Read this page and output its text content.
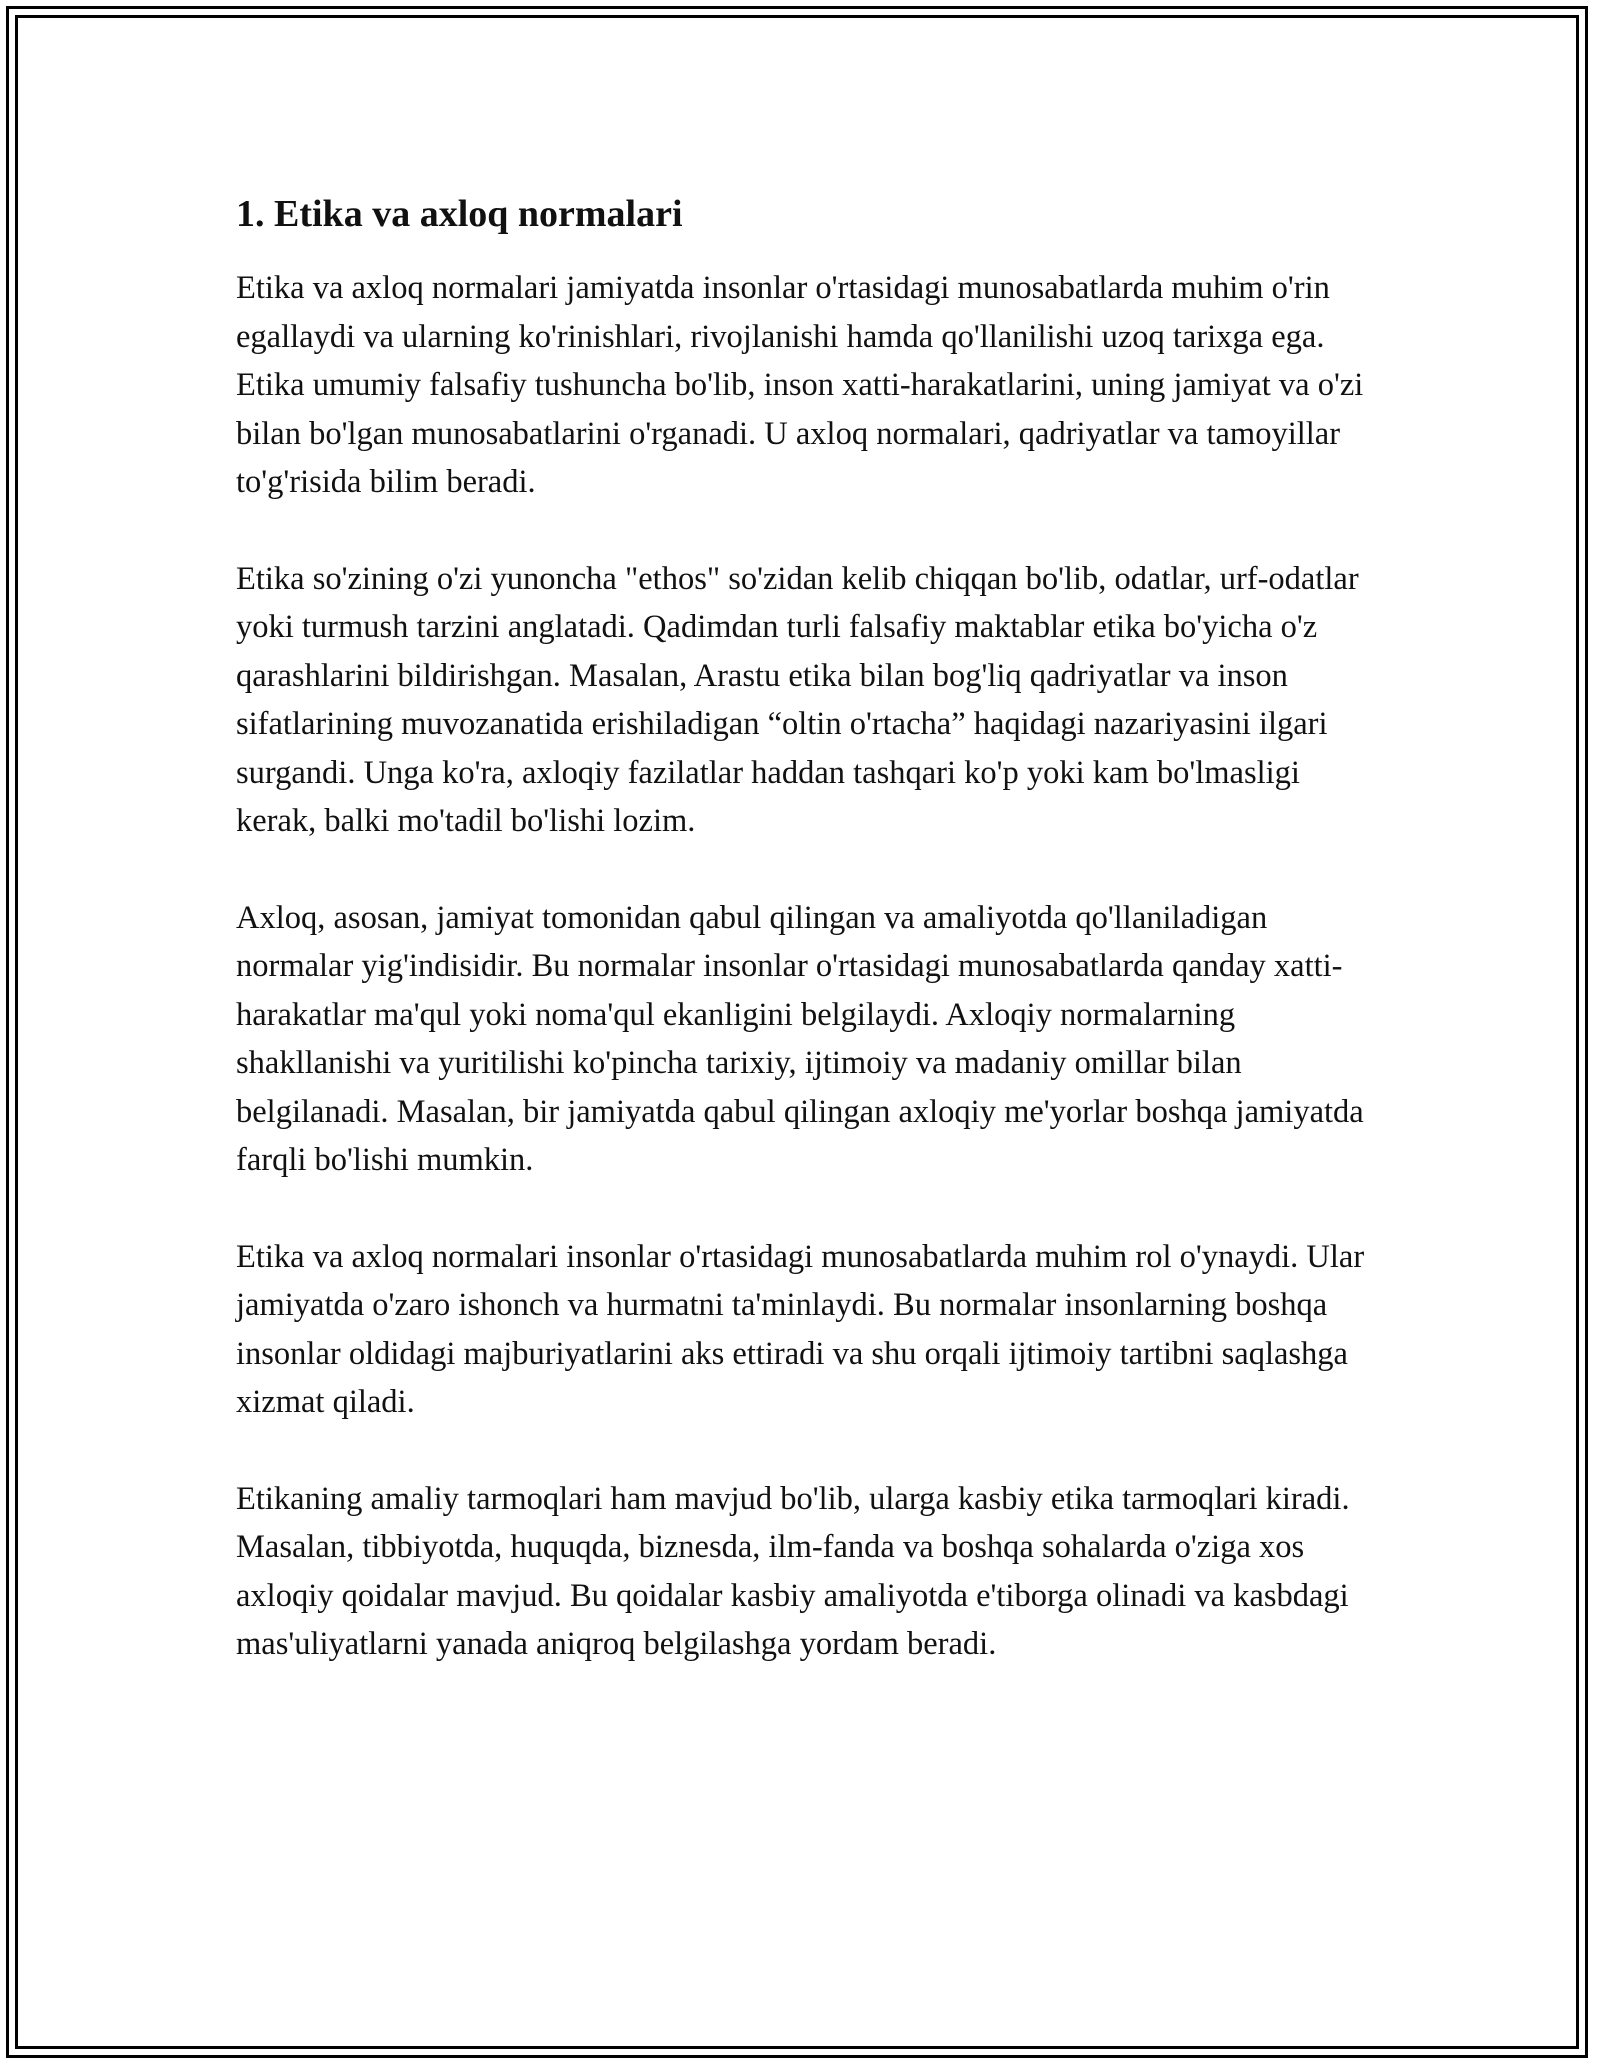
1. Etika va axloq normalari

Etika va axloq normalari jamiyatda insonlar o'rtasidagi munosabatlarda muhim o'rin egallaydi va ularning ko'rinishlari, rivojlanishi hamda qo'llanilishi uzoq tarixga ega. Etika umumiy falsafiy tushuncha bo'lib, inson xatti-harakatlarini, uning jamiyat va o'zi bilan bo'lgan munosabatlarini o'rganadi. U axloq normalari, qadriyatlar va tamoyillar to'g'risida bilim beradi.

Etika so'zining o'zi yunoncha "ethos" so'zidan kelib chiqqan bo'lib, odatlar, urf-odatlar yoki turmush tarzini anglatadi. Qadimdan turli falsafiy maktablar etika bo'yicha o'z qarashlarini bildirishgan. Masalan, Arastu etika bilan bog'liq qadriyatlar va inson sifatlarining muvozanatida erishiladigan “oltin o'rtacha” haqidagi nazariyasini ilgari surgandi. Unga ko'ra, axloqiy fazilatlar haddan tashqari ko'p yoki kam bo'lmasligi kerak, balki mo'tadil bo'lishi lozim.

Axloq, asosan, jamiyat tomonidan qabul qilingan va amaliyotda qo'llaniladigan normalar yig'indisidir. Bu normalar insonlar o'rtasidagi munosabatlarda qanday xatti-harakatlar ma'qul yoki noma'qul ekanligini belgilaydi. Axloqiy normalarning shakllanishi va yuritilishi ko'pincha tarixiy, ijtimoiy va madaniy omillar bilan belgilanadi. Masalan, bir jamiyatda qabul qilingan axloqiy me'yorlar boshqa jamiyatda farqli bo'lishi mumkin.

Etika va axloq normalari insonlar o'rtasidagi munosabatlarda muhim rol o'ynaydi. Ular jamiyatda o'zaro ishonch va hurmatni ta'minlaydi. Bu normalar insonlarning boshqa insonlar oldidagi majburiyatlarini aks ettiradi va shu orqali ijtimoiy tartibni saqlashga xizmat qiladi.

Etikaning amaliy tarmoqlari ham mavjud bo'lib, ularga kasbiy etika tarmoqlari kiradi. Masalan, tibbiyotda, huquqda, biznesda, ilm-fanda va boshqa sohalarda o'ziga xos axloqiy qoidalar mavjud. Bu qoidalar kasbiy amaliyotda e'tiborga olinadi va kasbdagi mas'uliyatlarni yanada aniqroq belgilashga yordam beradi.
